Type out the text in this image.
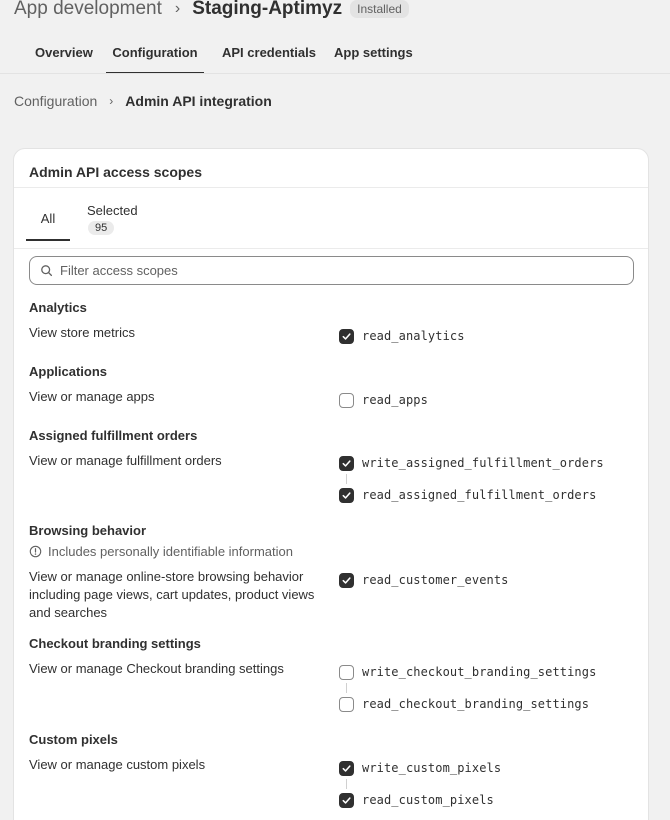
App development › Staging-Aptimyz	Installed
Overview	Configuration	API credentials App settings
Configuration › Admin API integration
Admin API access scopes
All
Selected
95
Filter access scopes
Analytics
View store metrics	read_analytics
Applications
View or manage apps	read_apps
Assigned fulfillment orders
View or manage fulfillment orders	write_assigned_fulfillment_orders
read_assigned_fulfillment_orders
Browsing behavior
Includes personally identifiable information
View or manage online-store browsing behavior including page views, cart updates, product views and searches
read_customer_events
Checkout branding settings
View or manage Checkout branding settings	write_checkout_branding_settings
read_checkout_branding_settings
Custom pixels
View or manage custom pixels	write_custom_pixels
read_custom_pixels
